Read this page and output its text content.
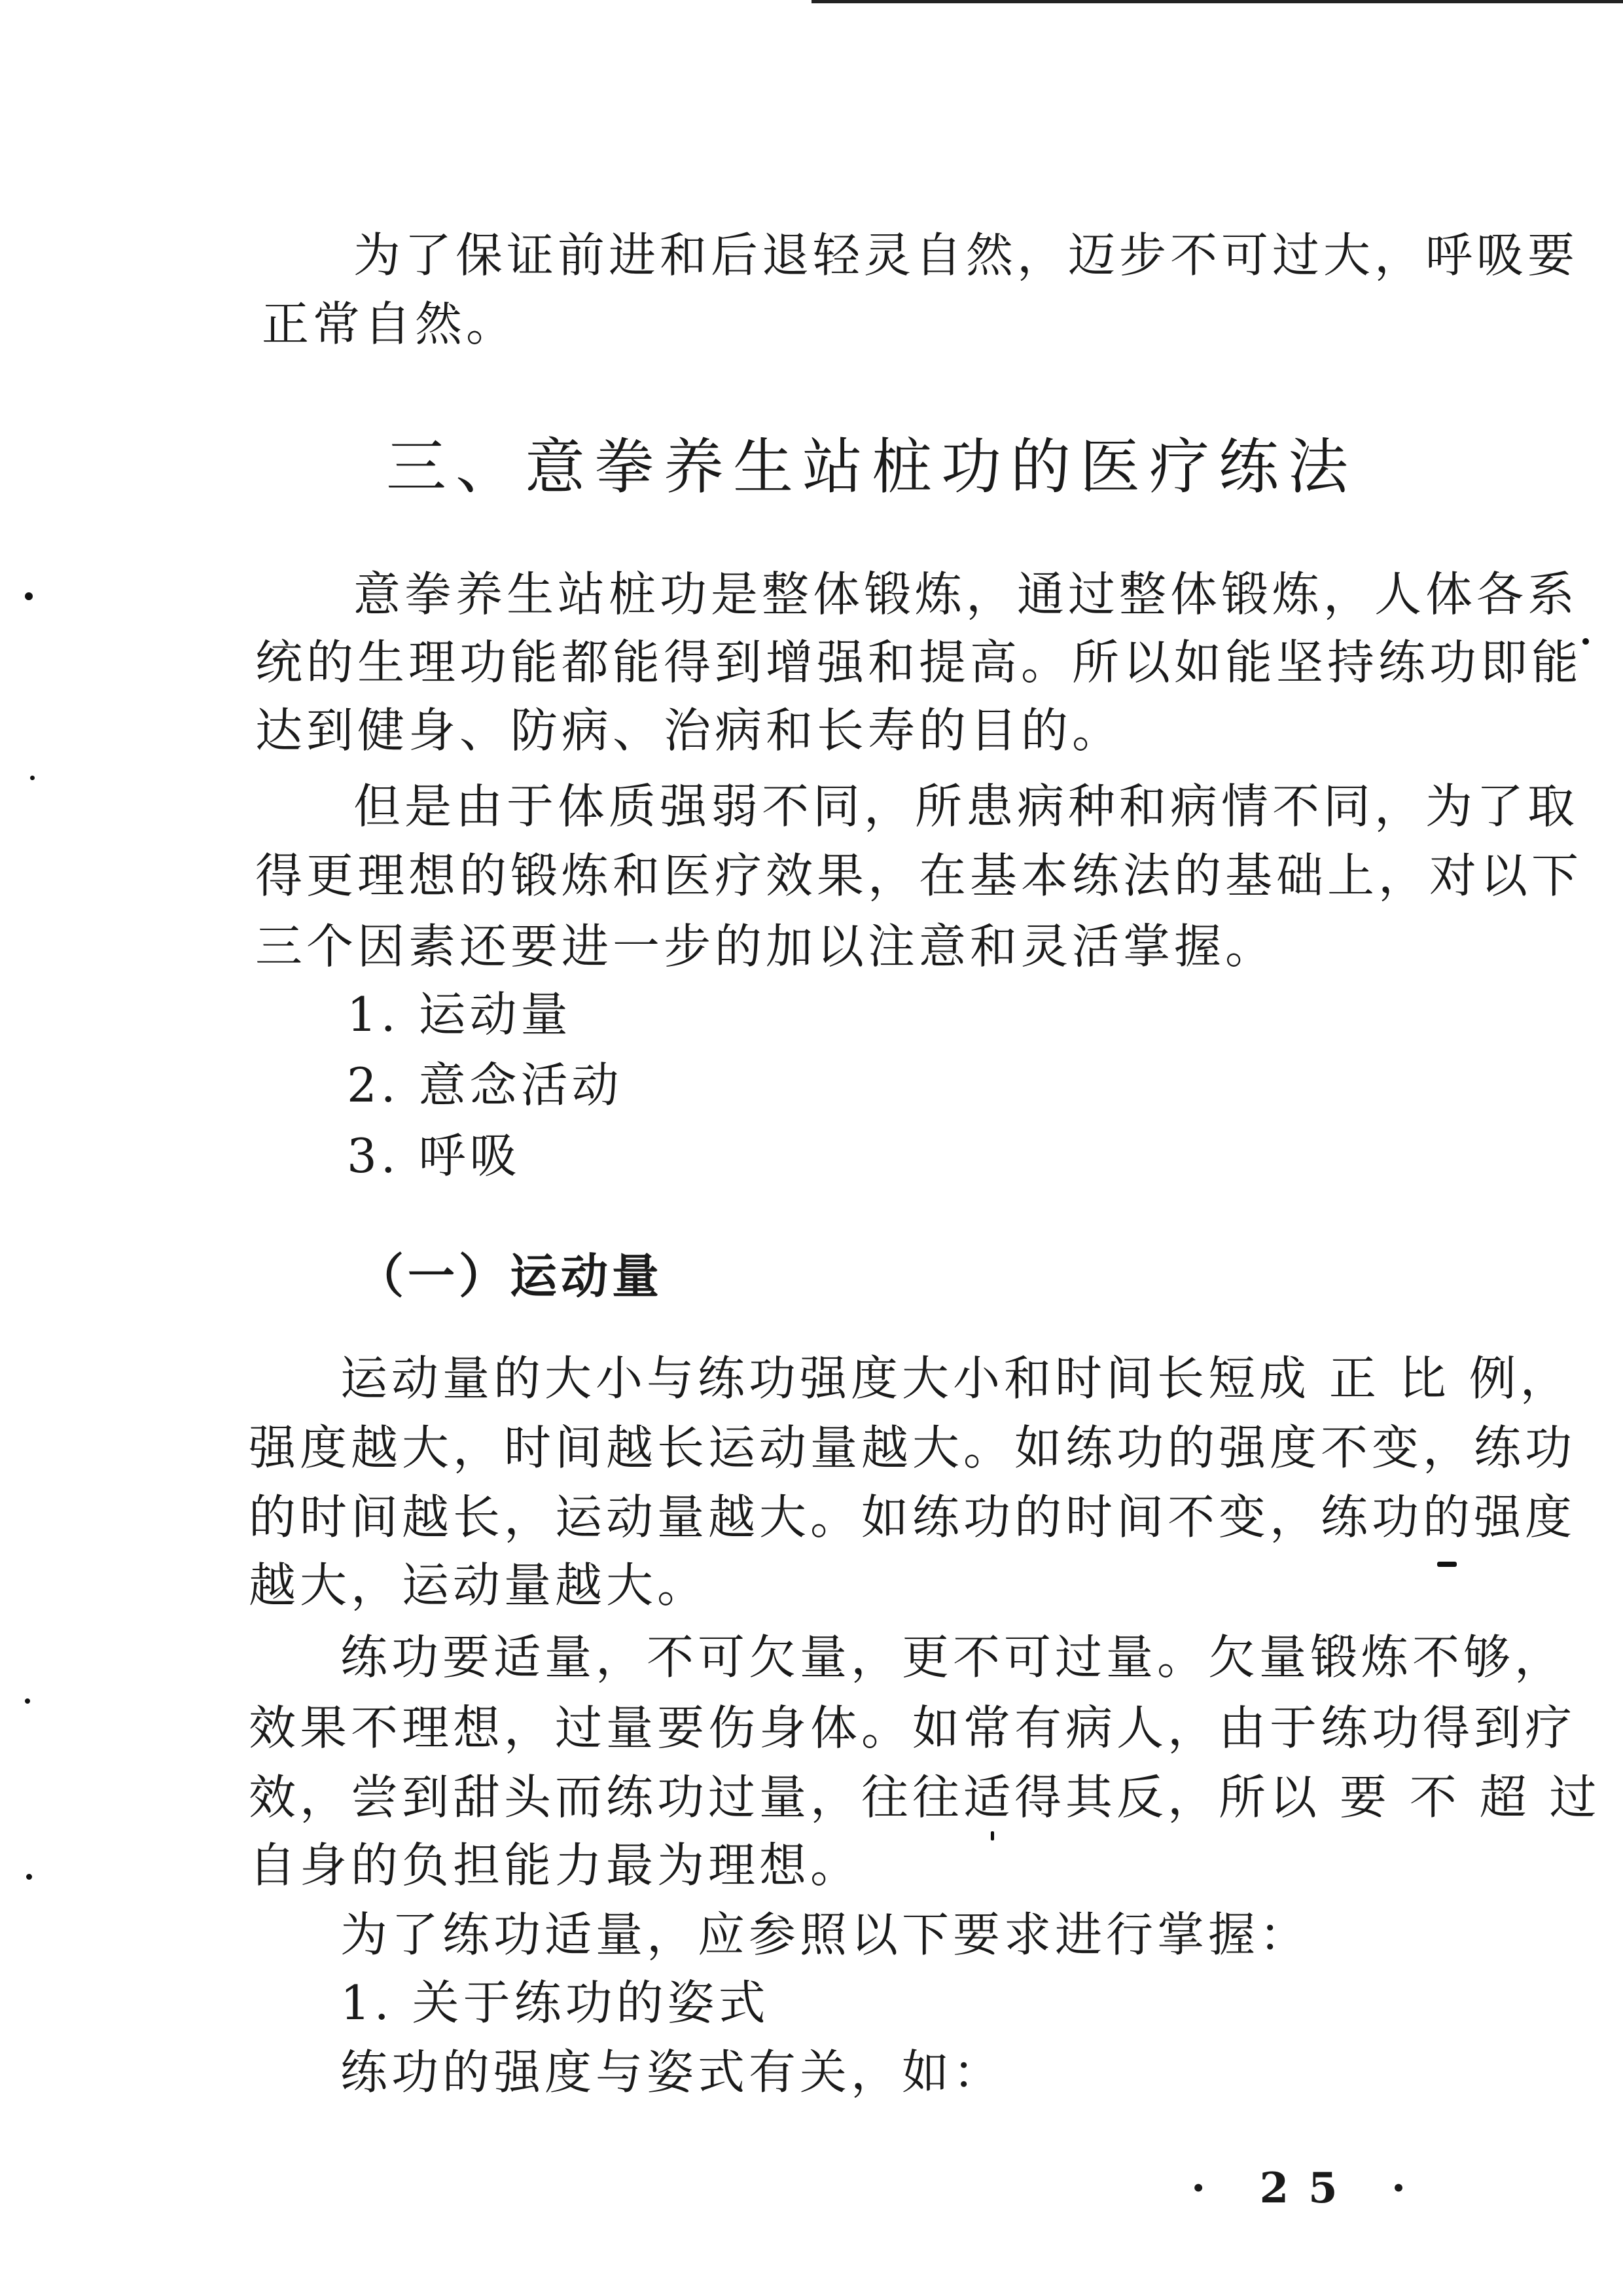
为了保证前进和后退轻灵自然，迈步不可过大，呼吸要
正常自然。
三、意拳养生站桩功的医疗练法
意拳养生站桩功是整体锻炼，通过整体锻炼，人体各系
统的生理功能都能得到增强和提高。所以如能坚持练功即能
达到健身、防病、治病和长寿的目的。
但是由于体质强弱不同，所患病种和病情不同，为了取
得更理想的锻炼和医疗效果，在基本练法的基础上，对以下
三个因素还要进一步的加以注意和灵活掌握。
1. 运动量
2. 意念活动
3. 呼吸
（一）运动量
运动量的大小与练功强度大小和时间长短成 正 比 例，
强度越大，时间越长运动量越大。如练功的强度不变，练功
的时间越长，运动量越大。如练功的时间不变，练功的强度
越大，运动量越大。
练功要适量，不可欠量，更不可过量。欠量锻炼不够，
效果不理想，过量要伤身体。如常有病人，由于练功得到疗
效，尝到甜头而练功过量，往往适得其反，所以 要 不 超 过
自身的负担能力最为理想。
为了练功适量，应参照以下要求进行掌握：
1. 关于练功的姿式
练功的强度与姿式有关，如：
· 25 ·
